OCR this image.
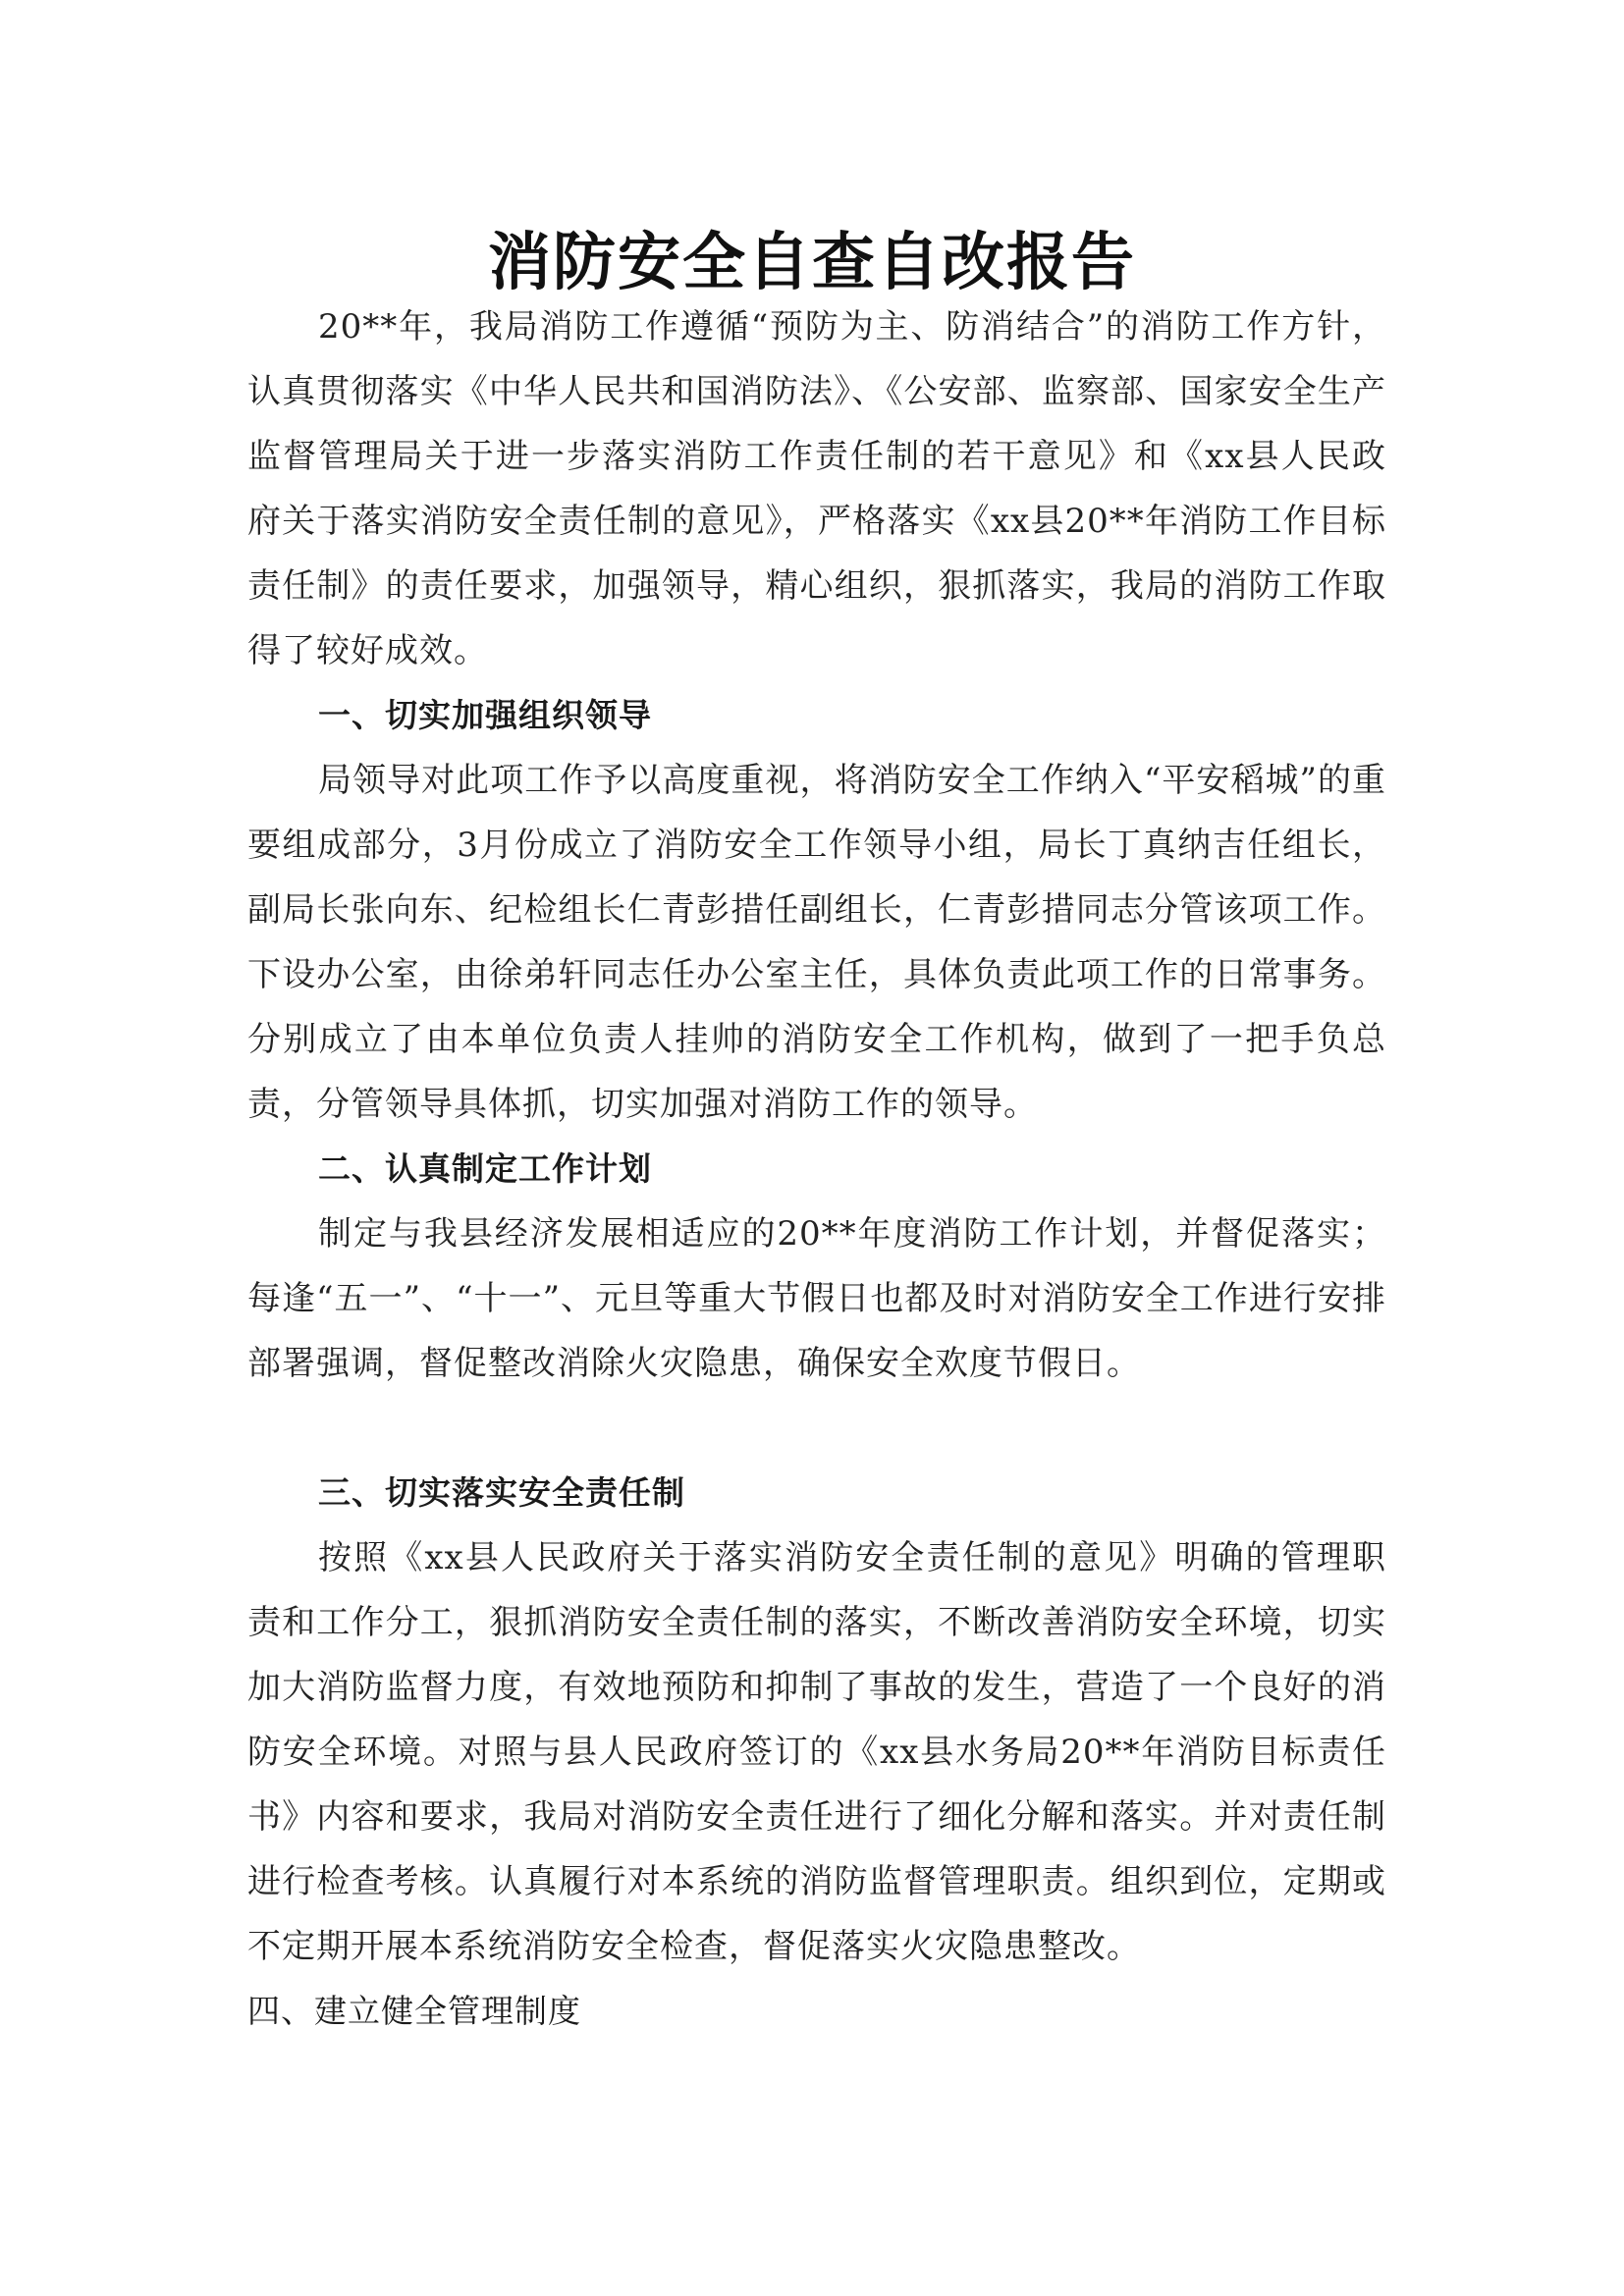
消防安全自查自改报告

20**年，我局消防工作遵循“预防为主、防消结合”的消防工作方针，认真贯彻落实《中华人民共和国消防法》、《公安部、监察部、国家安全生产监督管理局关于进一步落实消防工作责任制的若干意见》和《xx县人民政府关于落实消防安全责任制的意见》，严格落实《xx县20**年消防工作目标责任制》的责任要求，加强领导，精心组织，狠抓落实，我局的消防工作取得了较好成效。

一、切实加强组织领导

局领导对此项工作予以高度重视，将消防安全工作纳入“平安稻城”的重要组成部分，3月份成立了消防安全工作领导小组，局长丁真纳吉任组长，副局长张向东、纪检组长仁青彭措任副组长，仁青彭措同志分管该项工作。下设办公室，由徐弟轩同志任办公室主任，具体负责此项工作的日常事务。分别成立了由本单位负责人挂帅的消防安全工作机构，做到了一把手负总责，分管领导具体抓，切实加强对消防工作的领导。

二、认真制定工作计划

制定与我县经济发展相适应的20**年度消防工作计划，并督促落实；每逢“五一”、“十一”、元旦等重大节假日也都及时对消防安全工作进行安排部署强调，督促整改消除火灾隐患，确保安全欢度节假日。

三、切实落实安全责任制

按照《xx县人民政府关于落实消防安全责任制的意见》明确的管理职责和工作分工，狠抓消防安全责任制的落实，不断改善消防安全环境，切实加大消防监督力度，有效地预防和抑制了事故的发生，营造了一个良好的消防安全环境。对照与县人民政府签订的《xx县水务局20**年消防目标责任书》内容和要求，我局对消防安全责任进行了细化分解和落实。并对责任制进行检查考核。认真履行对本系统的消防监督管理职责。组织到位，定期或不定期开展本系统消防安全检查，督促落实火灾隐患整改。

四、建立健全管理制度
